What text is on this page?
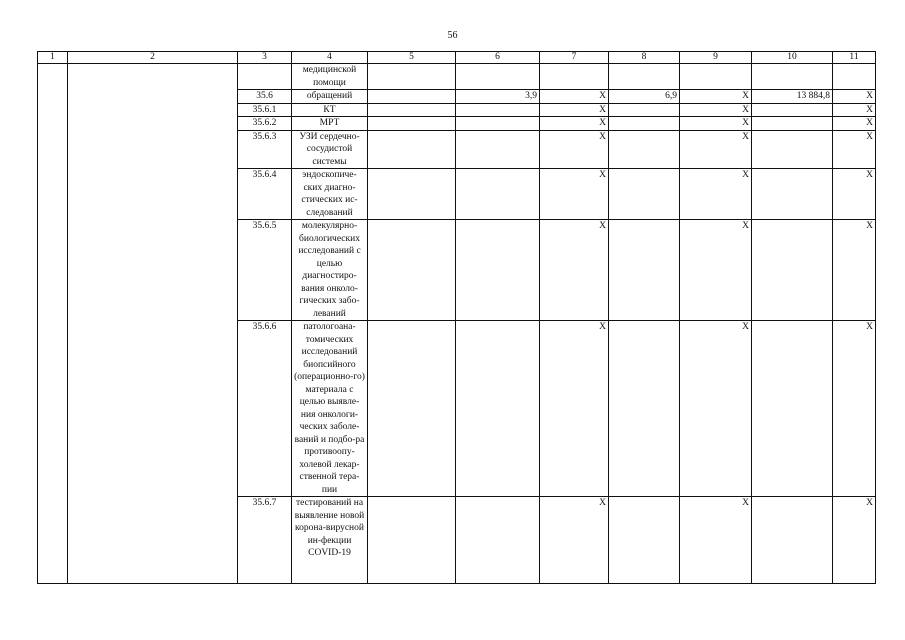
56
1	2	3	4	5	6	7	8	9	10	11
			медицинской помощи							
		35.6	обращений		3,9	X	6,9	X	13 884,8	X
		35.6.1	КТ			X		X		X
		35.6.2	МРТ			X		X		X
		35.6.3	УЗИ сердечно-сосудистой системы			X		X		X
		35.6.4	эндоскопиче-ских диагно-стических ис-следований			X		X		X
		35.6.5	молекулярно-биологических исследований с целью диагностиро-вания онколо-гических забо-леваний			X		X		X
		35.6.6	патологоана-томических исследований биопсийного (операционно-го) материала с целью выявле-ния онкологи-ческих заболе-ваний и подбо-ра противоопу-холевой лекар-ственной тера-пии			X		X		X
		35.6.7	тестирований на выявление новой корона-вирусной ин-фекции COVID-19			X		X		X
